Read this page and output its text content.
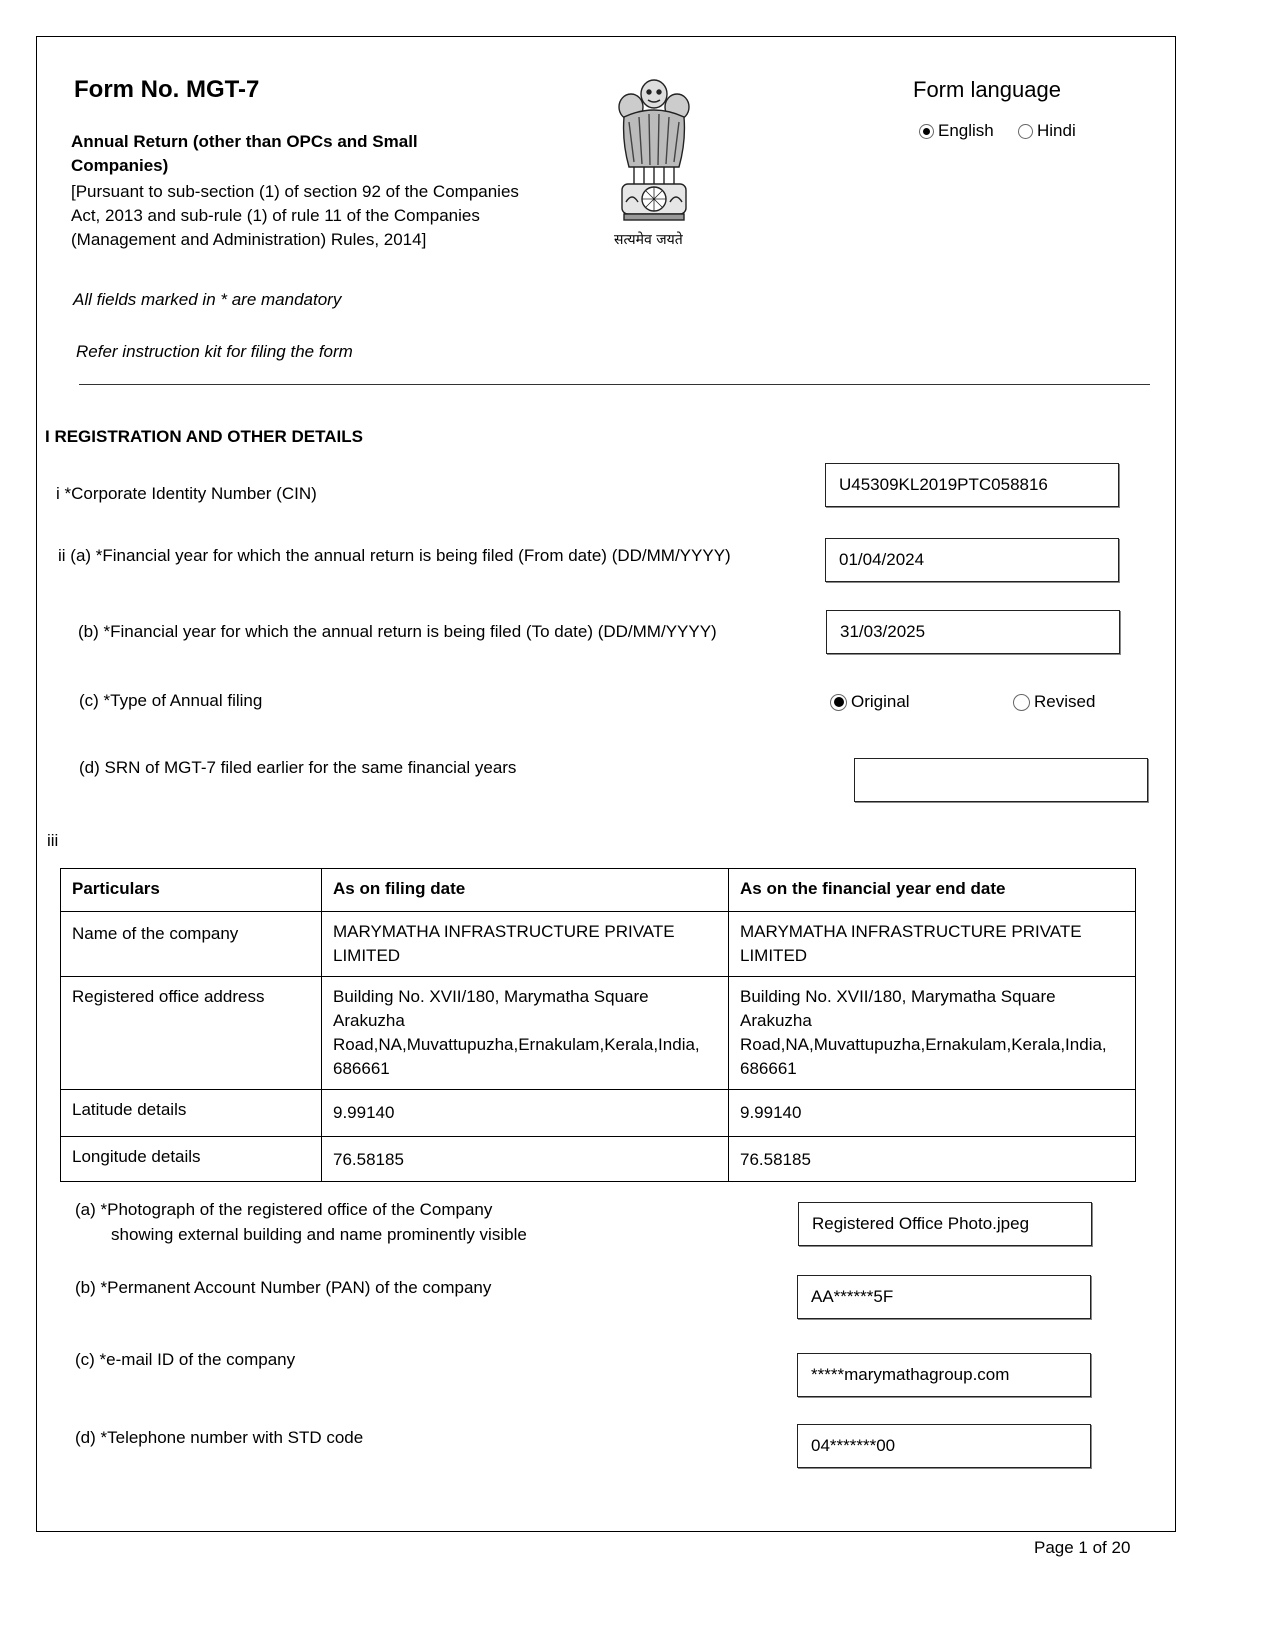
Form No. MGT-7
Annual Return (other than OPCs and Small Companies)
[Pursuant to sub-section (1) of section 92 of the Companies Act, 2013 and sub-rule (1) of rule 11 of the Companies (Management and Administration) Rules, 2014]
All fields marked in * are mandatory
Refer instruction kit for filing the form
सत्यमेव जयते
Form language
English	Hindi
I REGISTRATION AND OTHER DETAILS
i *Corporate Identity Number (CIN)	U45309KL2019PTC058816
ii (a) *Financial year for which the annual return is being filed (From date) (DD/MM/YYYY)	01/04/2024
(b) *Financial year for which the annual return is being filed (To date) (DD/MM/YYYY)	31/03/2025
(c) *Type of Annual filing	Original	Revised
(d) SRN of MGT-7 filed earlier for the same financial years
iii
Particulars	As on filing date	As on the financial year end date
Name of the company	MARYMATHA INFRASTRUCTURE PRIVATE LIMITED	MARYMATHA INFRASTRUCTURE PRIVATE LIMITED
Registered office address	Building No. XVII/180, Marymatha Square Arakuzha Road,NA,Muvattupuzha,Ernakulam,Kerala,India, 686661	Building No. XVII/180, Marymatha Square Arakuzha Road,NA,Muvattupuzha,Ernakulam,Kerala,India, 686661
Latitude details	9.99140	9.99140
Longitude details	76.58185	76.58185
(a) *Photograph of the registered office of the Company
showing external building and name prominently visible
Registered Office Photo.jpeg
(b) *Permanent Account Number (PAN) of the company	AA******5F
(c) *e-mail ID of the company
*****marymathagroup.com
(d) *Telephone number with STD code	04*******00
Page 1 of 20
